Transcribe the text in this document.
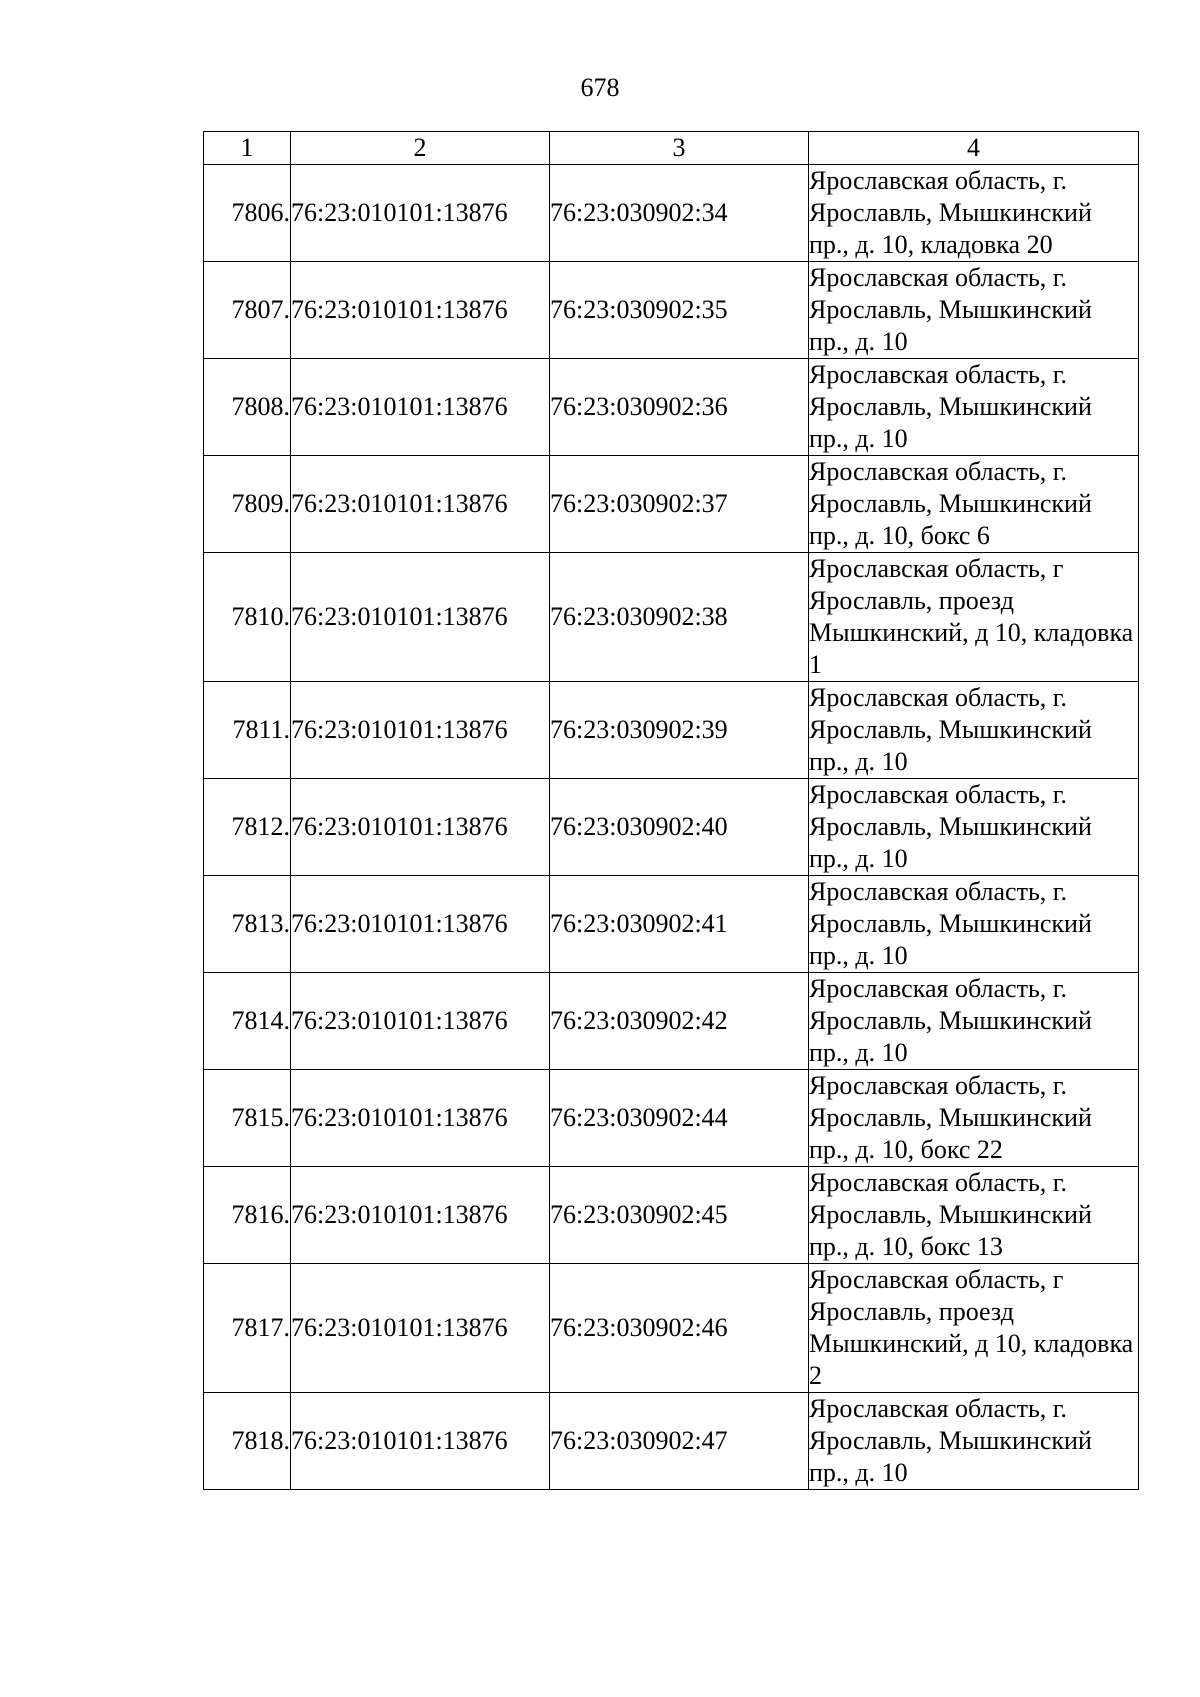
678
1	2	3	4
7806.	76:23:010101:13876	76:23:030902:34	Ярославская область, г. Ярославль, Мышкинский пр., д. 10, кладовка 20
7807.	76:23:010101:13876	76:23:030902:35	Ярославская область, г. Ярославль, Мышкинский пр., д. 10
7808.	76:23:010101:13876	76:23:030902:36	Ярославская область, г. Ярославль, Мышкинский пр., д. 10
7809.	76:23:010101:13876	76:23:030902:37	Ярославская область, г. Ярославль, Мышкинский пр., д. 10, бокс 6
7810.	76:23:010101:13876	76:23:030902:38	Ярославская область, г Ярославль, проезд Мышкинский, д 10, кладовка 1
7811.	76:23:010101:13876	76:23:030902:39	Ярославская область, г. Ярославль, Мышкинский пр., д. 10
7812.	76:23:010101:13876	76:23:030902:40	Ярославская область, г. Ярославль, Мышкинский пр., д. 10
7813.	76:23:010101:13876	76:23:030902:41	Ярославская область, г. Ярославль, Мышкинский пр., д. 10
7814.	76:23:010101:13876	76:23:030902:42	Ярославская область, г. Ярославль, Мышкинский пр., д. 10
7815.	76:23:010101:13876	76:23:030902:44	Ярославская область, г. Ярославль, Мышкинский пр., д. 10, бокс 22
7816.	76:23:010101:13876	76:23:030902:45	Ярославская область, г. Ярославль, Мышкинский пр., д. 10, бокс 13
7817.	76:23:010101:13876	76:23:030902:46	Ярославская область, г Ярославль, проезд Мышкинский, д 10, кладовка 2
7818.	76:23:010101:13876	76:23:030902:47	Ярославская область, г. Ярославль, Мышкинский пр., д. 10
